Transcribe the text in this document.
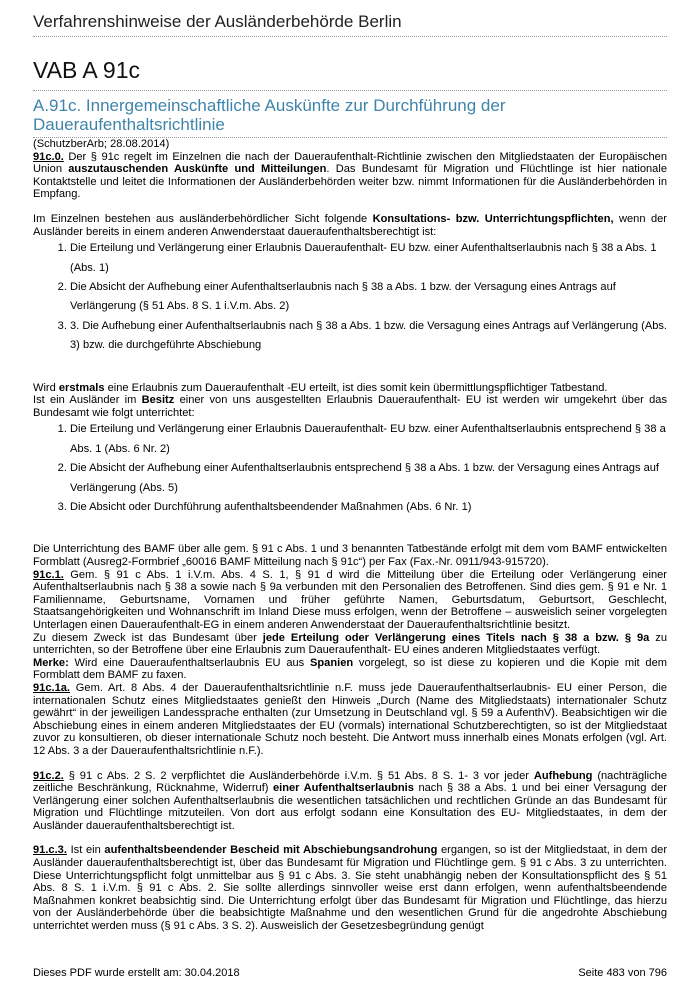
Verfahrenshinweise der Ausländerbehörde Berlin
VAB A 91c
A.91c. Innergemeinschaftliche Auskünfte zur Durchführung der Daueraufenthaltsrichtlinie

(SchutzberArb; 28.08.2014)

91c.0. Der § 91c regelt im Einzelnen die nach der Daueraufenthalt-Richtlinie zwischen den Mitgliedstaaten der Europäischen Union auszutauschenden Auskünfte und Mitteilungen. Das Bundesamt für Migration und Flüchtlinge ist hier nationale Kontaktstelle und leitet die Informationen der Ausländerbehörden weiter bzw. nimmt Informationen für die Ausländerbehörden in Empfang.

Im Einzelnen bestehen aus ausländerbehördlicher Sicht folgende Konsultations- bzw. Unterrichtungspflichten, wenn der Ausländer bereits in einem anderen Anwenderstaat daueraufenthaltsberechtigt ist:

1. Die Erteilung und Verlängerung einer Erlaubnis Daueraufenthalt- EU bzw. einer Aufenthaltserlaubnis nach § 38 a Abs. 1 (Abs. 1)
2. Die Absicht der Aufhebung einer Aufenthaltserlaubnis nach § 38 a Abs. 1 bzw. der Versagung eines Antrags auf Verlängerung (§ 51 Abs. 8 S. 1 i.V.m. Abs. 2)
3. 3. Die Aufhebung einer Aufenthaltserlaubnis nach § 38 a Abs. 1 bzw. die Versagung eines Antrags auf Verlängerung (Abs. 3) bzw. die durchgeführte Abschiebung

Wird erstmals eine Erlaubnis zum Daueraufenthalt -EU erteilt, ist dies somit kein übermittlungspflichtiger Tatbestand.
Ist ein Ausländer im Besitz einer von uns ausgestellten Erlaubnis Daueraufenthalt- EU ist werden wir umgekehrt über das Bundesamt wie folgt unterrichtet:

1. Die Erteilung und Verlängerung einer Erlaubnis Daueraufenthalt- EU bzw. einer Aufenthaltserlaubnis entsprechend § 38 a Abs. 1 (Abs. 6 Nr. 2)
2. Die Absicht der Aufhebung einer Aufenthaltserlaubnis entsprechend § 38 a Abs. 1 bzw. der Versagung eines Antrags auf Verlängerung (Abs. 5)
3. Die Absicht oder Durchführung aufenthaltsbeendender Maßnahmen (Abs. 6 Nr. 1)

Die Unterrichtung des BAMF über alle gem. § 91 c Abs. 1 und 3 benannten Tatbestände erfolgt mit dem vom BAMF entwickelten Formblatt (Ausreg2-Formbrief „60016 BAMF Mitteilung nach § 91c“) per Fax (Fax.-Nr. 0911/943-915720).

91c.1. Gem. § 91 c Abs. 1 i.V.m. Abs. 4 S. 1, § 91 d wird die Mitteilung über die Erteilung oder Verlängerung einer Aufenthaltserlaubnis nach § 38 a sowie nach § 9a verbunden mit den Personalien des Betroffenen. Sind dies gem. § 91 e Nr. 1 Familienname, Geburtsname, Vornamen und früher geführte Namen, Geburtsdatum, Geburtsort, Geschlecht, Staatsangehörigkeiten und Wohnanschrift im Inland Diese muss erfolgen, wenn der Betroffene – ausweislich seiner vorgelegten Unterlagen einen Daueraufenthalt-EG in einem anderen Anwenderstaat der Daueraufenthaltsrichtlinie besitzt.
Zu diesem Zweck ist das Bundesamt über jede Erteilung oder Verlängerung eines Titels nach § 38 a bzw. § 9a zu unterrichten, so der Betroffene über eine Erlaubnis zum Daueraufenthalt- EU eines anderen Mitgliedstaates verfügt.
Merke: Wird eine Daueraufenthaltserlaubnis EU aus Spanien vorgelegt, so ist diese zu kopieren und die Kopie mit dem Formblatt dem BAMF zu faxen.

91c.1a. Gem. Art. 8 Abs. 4 der Daueraufenthaltsrichtlinie n.F. muss jede Daueraufenthaltserlaubnis- EU einer Person, die internationalen Schutz eines Mitgliedstaates genießt den Hinweis „Durch (Name des Mitgliedstaats) internationaler Schutz gewährt“ in der jeweiligen Landessprache enthalten (zur Umsetzung in Deutschland vgl. § 59 a AufenthV). Beabsichtigen wir die Abschiebung eines in einem anderen Mitgliedstaates der EU (vormals) international Schutzberechtigten, so ist der Mitgliedstaat zuvor zu konsultieren, ob dieser internationale Schutz noch besteht. Die Antwort muss innerhalb eines Monats erfolgen (vgl. Art. 12 Abs. 3 a der Daueraufenthaltsrichtlinie n.F.).

91c.2. § 91 c Abs. 2 S. 2 verpflichtet die Ausländerbehörde i.V.m. § 51 Abs. 8 S. 1- 3 vor jeder Aufhebung (nachträgliche zeitliche Beschränkung, Rücknahme, Widerruf) einer Aufenthaltserlaubnis nach § 38 a Abs. 1 und bei einer Versagung der Verlängerung einer solchen Aufenthaltserlaubnis die wesentlichen tatsächlichen und rechtlichen Gründe an das Bundesamt für Migration und Flüchtlinge mitzuteilen. Von dort aus erfolgt sodann eine Konsultation des EU- Mitgliedstaates, in dem der Ausländer daueraufenthaltsberechtigt ist.

91.c.3. Ist ein aufenthaltsbeendender Bescheid mit Abschiebungsandrohung ergangen, so ist der Mitgliedstaat, in dem der Ausländer daueraufenthaltsberechtigt ist, über das Bundesamt für Migration und Flüchtlinge gem. § 91 c Abs. 3 zu unterrichten. Diese Unterrichtungspflicht folgt unmittelbar aus § 91 c Abs. 3. Sie steht unabhängig neben der Konsultationspflicht des § 51 Abs. 8 S. 1 i.V.m. § 91 c Abs. 2. Sie sollte allerdings sinnvoller weise erst dann erfolgen, wenn aufenthaltsbeendende Maßnahmen konkret beabsichtig sind. Die Unterrichtung erfolgt über das Bundesamt für Migration und Flüchtlinge, das hierzu von der Ausländerbehörde über die beabsichtigte Maßnahme und den wesentlichen Grund für die angedrohte Abschiebung unterrichtet werden muss (§ 91 c Abs. 3 S. 2). Ausweislich der Gesetzesbegründung genügt

Dieses PDF wurde erstellt am: 30.04.2018	Seite 483 von 796
